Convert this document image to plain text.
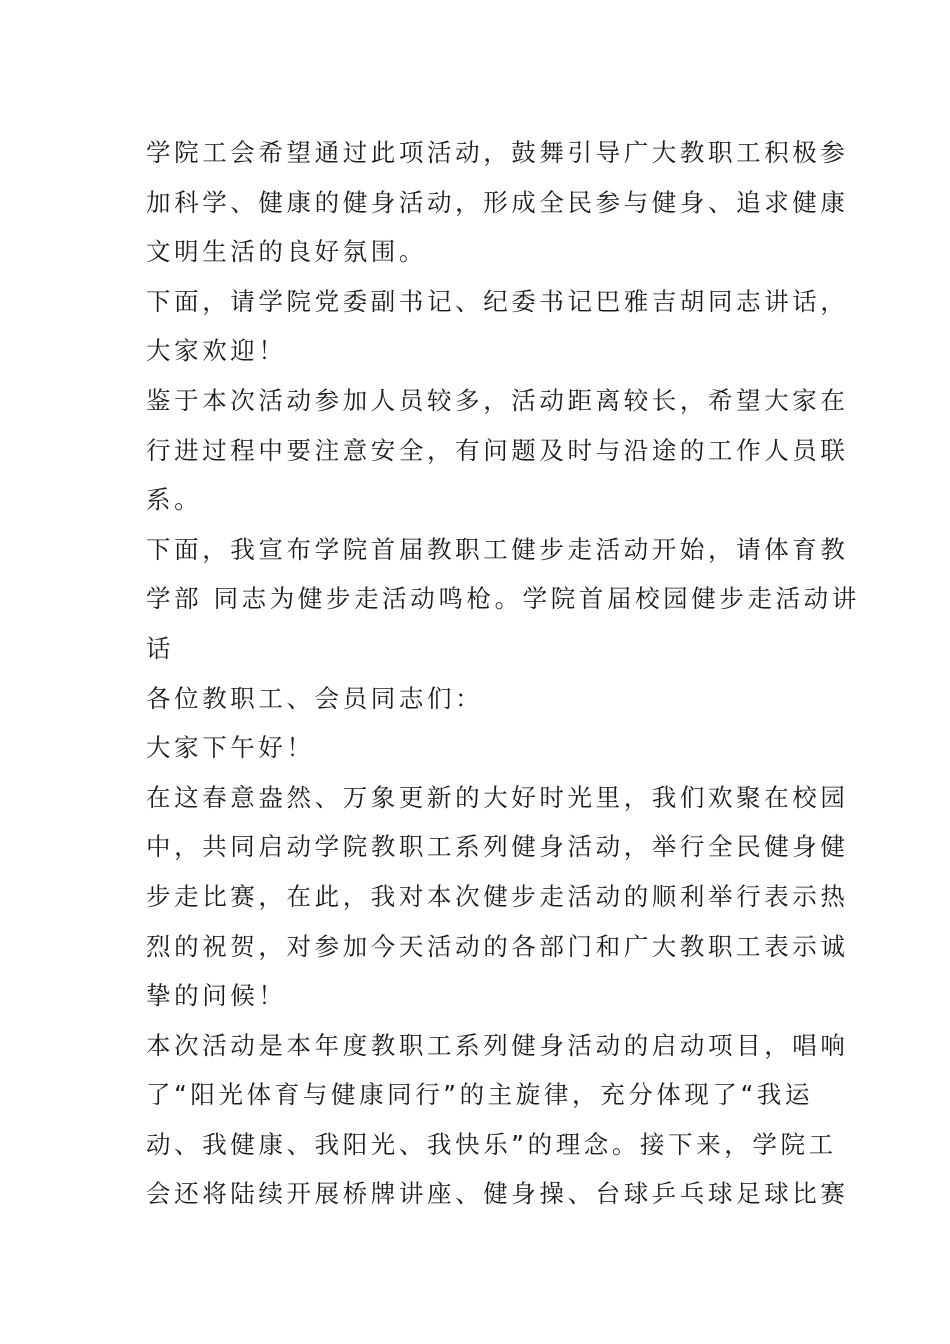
学院工会希望通过此项活动，鼓舞引导广大教职工积极参
加科学、健康的健身活动，形成全民参与健身、追求健康
文明生活的良好氛围。
下面，请学院党委副书记、纪委书记巴雅吉胡同志讲话，
大家欢迎！
鉴于本次活动参加人员较多，活动距离较长，希望大家在
行进过程中要注意安全，有问题及时与沿途的工作人员联
系。
下面，我宣布学院首届教职工健步走活动开始，请体育教
学部 同志为健步走活动鸣枪。学院首届校园健步走活动讲
话
各位教职工、会员同志们：
大家下午好！
在这春意盎然、万象更新的大好时光里，我们欢聚在校园
中，共同启动学院教职工系列健身活动，举行全民健身健
步走比赛，在此，我对本次健步走活动的顺利举行表示热
烈的祝贺，对参加今天活动的各部门和广大教职工表示诚
挚的问候！
本次活动是本年度教职工系列健身活动的启动项目，唱响
了“阳光体育与健康同行”的主旋律，充分体现了“我运
动、我健康、我阳光、我快乐”的理念。接下来，学院工
会还将陆续开展桥牌讲座、健身操、台球乒乓球足球比赛
